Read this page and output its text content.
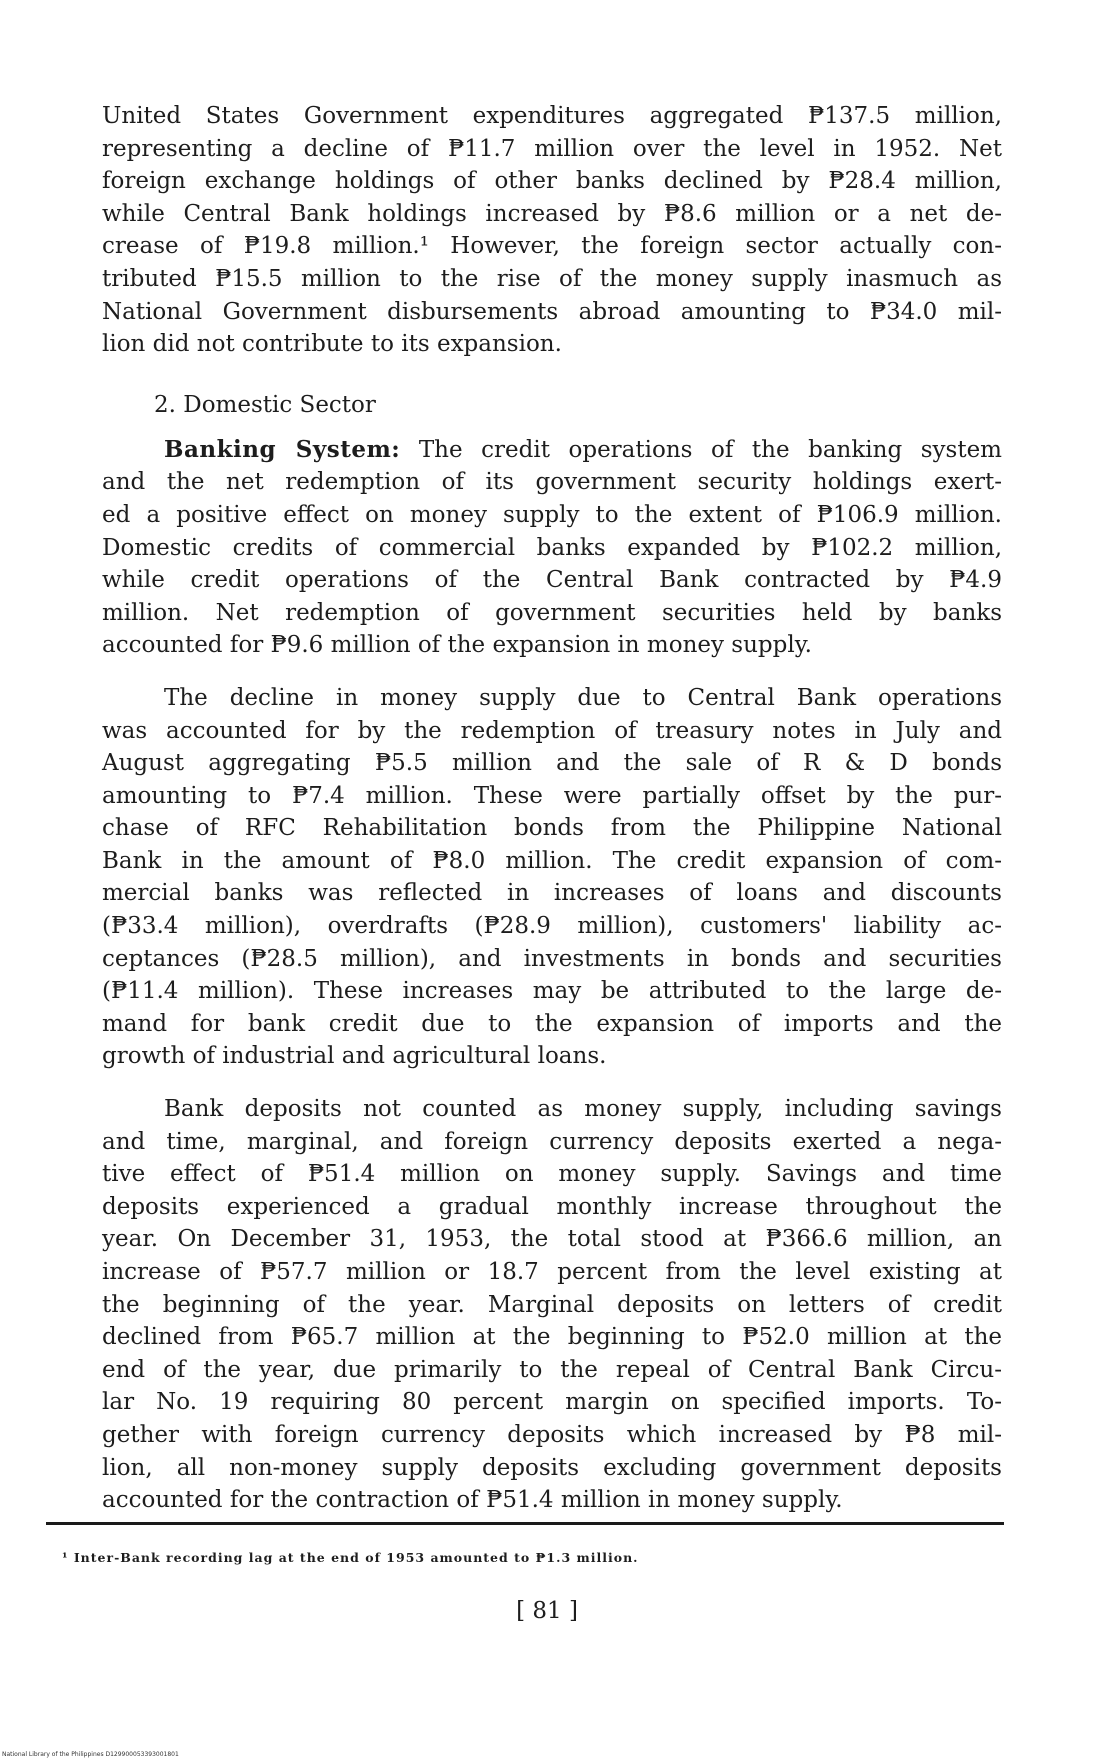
United States Government expenditures aggregated ₱137.5 million,
representing a decline of ₱11.7 million over the level in 1952. Net
foreign exchange holdings of other banks declined by ₱28.4 million,
while Central Bank holdings increased by ₱8.6 million or a net de-
crease of ₱19.8 million.¹ However, the foreign sector actually con-
tributed ₱15.5 million to the rise of the money supply inasmuch as
National Government disbursements abroad amounting to ₱34.0 mil-
lion did not contribute to its expansion.

2. Domestic Sector

Banking System: The credit operations of the banking system
and the net redemption of its government security holdings exert-
ed a positive effect on money supply to the extent of ₱106.9 million.
Domestic credits of commercial banks expanded by ₱102.2 million,
while credit operations of the Central Bank contracted by ₱4.9
million. Net redemption of government securities held by banks
accounted for ₱9.6 million of the expansion in money supply.

The decline in money supply due to Central Bank operations
was accounted for by the redemption of treasury notes in July and
August aggregating ₱5.5 million and the sale of R & D bonds
amounting to ₱7.4 million. These were partially offset by the pur-
chase of RFC Rehabilitation bonds from the Philippine National
Bank in the amount of ₱8.0 million. The credit expansion of com-
mercial banks was reflected in increases of loans and discounts
(₱33.4 million), overdrafts (₱28.9 million), customers' liability ac-
ceptances (₱28.5 million), and investments in bonds and securities
(₱11.4 million). These increases may be attributed to the large de-
mand for bank credit due to the expansion of imports and the
growth of industrial and agricultural loans.

Bank deposits not counted as money supply, including savings
and time, marginal, and foreign currency deposits exerted a nega-
tive effect of ₱51.4 million on money supply. Savings and time
deposits experienced a gradual monthly increase throughout the
year. On December 31, 1953, the total stood at ₱366.6 million, an
increase of ₱57.7 million or 18.7 percent from the level existing at
the beginning of the year. Marginal deposits on letters of credit
declined from ₱65.7 million at the beginning to ₱52.0 million at the
end of the year, due primarily to the repeal of Central Bank Circu-
lar No. 19 requiring 80 percent margin on specified imports. To-
gether with foreign currency deposits which increased by ₱8 mil-
lion, all non-money supply deposits excluding government deposits
accounted for the contraction of ₱51.4 million in money supply.

¹ Inter-Bank recording lag at the end of 1953 amounted to ₱1.3 million.
[ 81 ]
National Library of the Philippines D129900053393001801
